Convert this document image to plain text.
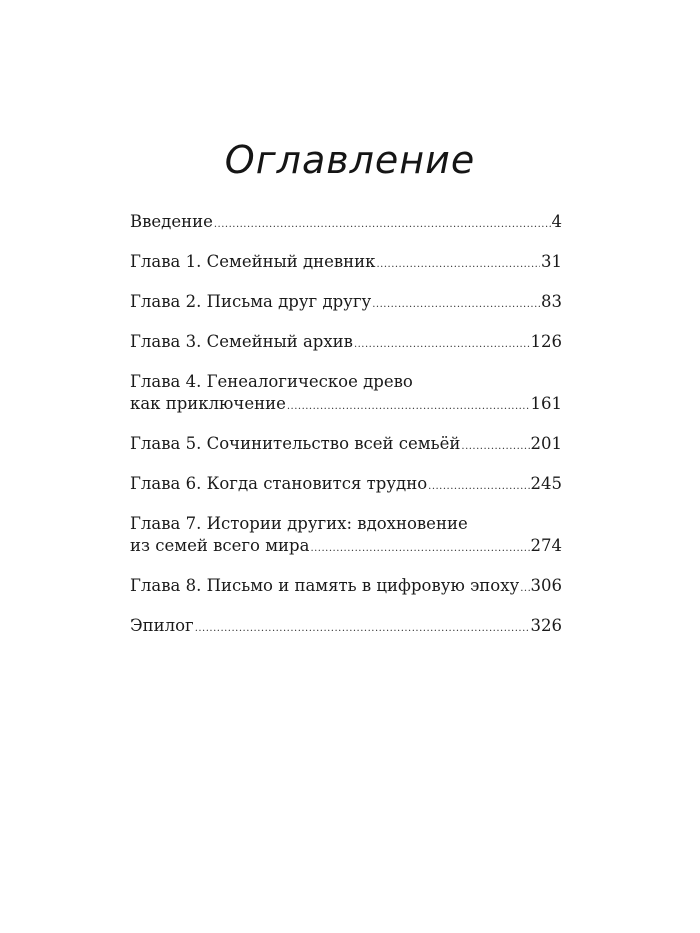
Оглавление
Введение .....	4
Глава 1. Семейный дневник .....	31
Глава 2. Письма друг другу .....	83
Глава 3. Семейный архив .....	126
Глава 4. Генеалогическое древо
как приключение .....	161
Глава 5. Сочинительство всей семьёй .....	201
Глава 6. Когда становится трудно .....	245
Глава 7. Истории других: вдохновение
из семей всего мира .....	274
Глава 8. Письмо и память в цифровую эпоху ..... 306
Эпилог .....	326
